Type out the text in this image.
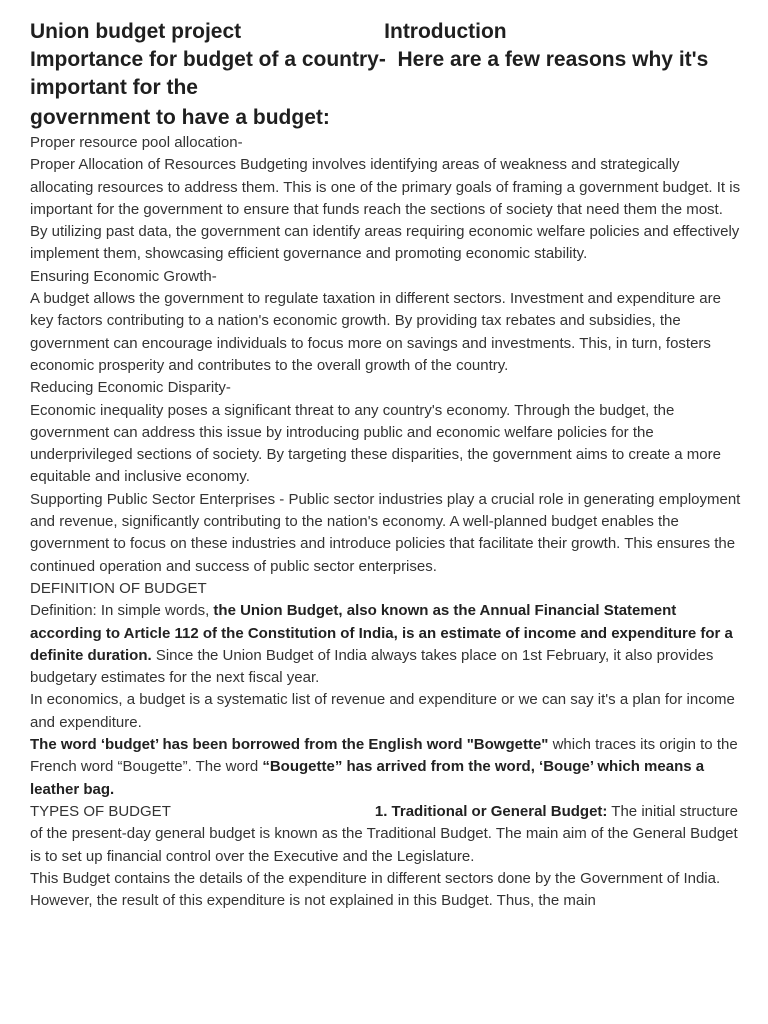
Union budget project	Introduction
Importance for budget of a country-  Here are a few reasons why it's important for the
government to have a budget:

Proper resource pool allocation-

Proper Allocation of Resources Budgeting involves identifying areas of weakness and strategically allocating resources to address them. This is one of the primary goals of framing a government budget. It is important for the government to ensure that funds reach the sections of society that need them the most. By utilizing past data, the government can identify areas requiring economic welfare policies and effectively implement them, showcasing efficient governance and promoting economic stability.

Ensuring Economic Growth-

A budget allows the government to regulate taxation in different sectors. Investment and expenditure are key factors contributing to a nation's economic growth. By providing tax rebates and subsidies, the government can encourage individuals to focus more on savings and investments. This, in turn, fosters economic prosperity and contributes to the overall growth of the country.

Reducing Economic Disparity-

Economic inequality poses a significant threat to any country's economy. Through the budget, the government can address this issue by introducing public and economic welfare policies for the underprivileged sections of society. By targeting these disparities, the government aims to create a more equitable and inclusive economy.

Supporting Public Sector Enterprises - Public sector industries play a crucial role in generating employment and revenue, significantly contributing to the nation's economy. A well-planned budget enables the government to focus on these industries and introduce policies that facilitate their growth. This ensures the continued operation and success of public sector enterprises.

DEFINITION OF BUDGET

Definition: In simple words, the Union Budget, also known as the Annual Financial Statement according to Article 112 of the Constitution of India, is an estimate of income and expenditure for a definite duration. Since the Union Budget of India always takes place on 1st February, it also provides budgetary estimates for the next fiscal year.

In economics, a budget is a systematic list of revenue and expenditure or we can say it's a plan for income and expenditure.

The word ‘budget’ has been borrowed from the English word "Bowgette" which traces its origin to the French word “Bougette”. The word “Bougette” has arrived from the word, ‘Bouge’ which means a leather bag.

TYPES OF BUDGET	1. Traditional or General Budget: The initial structure of the present-day general budget is known as the Traditional Budget. The main aim of the General Budget is to set up financial control over the Executive and the Legislature.

This Budget contains the details of the expenditure in different sectors done by the Government of India. However, the result of this expenditure is not explained in this Budget. Thus, the main
